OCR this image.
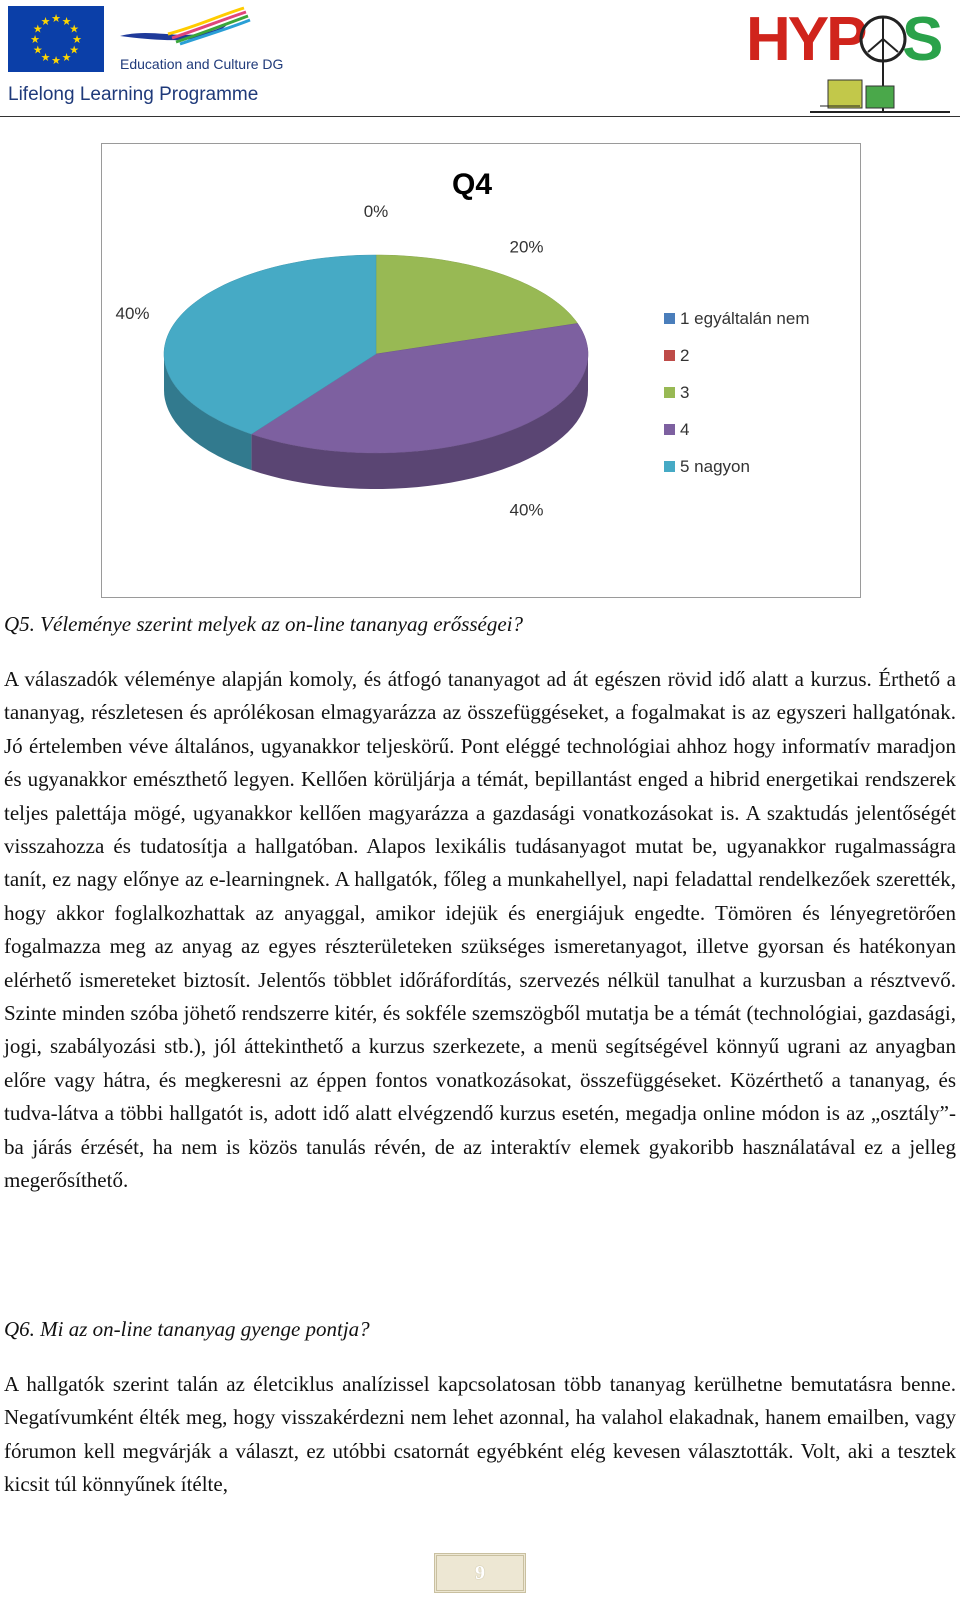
★
★
★
★
★
★
★
★
★ ★ ★
★
Education and Culture DG
Lifelong Learning Programme
HYP S
Q4
0%
20%
40%
40%	1 egyáltalán nem
2
3
4
5 nagyon
Q5. Véleménye szerint melyek az on-line tananyag erősségei?

A válaszadók véleménye alapján komoly, és átfogó tananyagot ad át egészen rövid idő alatt a kurzus. Érthető a tananyag, részletesen és aprólékosan elmagyarázza az összefüggéseket, a fogalmakat is az egyszeri hallgatónak. Jó értelemben véve általános, ugyanakkor teljeskörű. Pont eléggé technológiai ahhoz hogy informatív maradjon és ugyanakkor emészthető legyen. Kellően körüljárja a témát, bepillantást enged a hibrid energetikai rendszerek teljes palettája mögé, ugyanakkor kellően magyarázza a gazdasági vonatkozásokat is. A szaktudás jelentőségét visszahozza és tudatosítja a hallgatóban. Alapos lexikális tudásanyagot mutat be, ugyanakkor rugalmasságra tanít, ez nagy előnye az e-learningnek. A hallgatók, főleg a munkahellyel, napi feladattal rendelkezőek szerették, hogy akkor foglalkozhattak az anyaggal, amikor idejük és energiájuk engedte. Tömören és lényegretörően fogalmazza meg az anyag az egyes részterületeken szükséges ismeretanyagot, illetve gyorsan és hatékonyan elérhető ismereteket biztosít. Jelentős többlet időráfordítás, szervezés nélkül tanulhat a kurzusban a résztvevő. Szinte minden szóba jöhető rendszerre kitér, és sokféle szemszögből mutatja be a témát (technológiai, gazdasági, jogi, szabályozási stb.), jól áttekinthető a kurzus szerkezete, a menü segítségével könnyű ugrani az anyagban előre vagy hátra, és megkeresni az éppen fontos vonatkozásokat, összefüggéseket. Közérthető a tananyag, és tudva-látva a többi hallgatót is, adott idő alatt elvégzendő kurzus esetén, megadja online módon is az „osztály”-ba járás érzését, ha nem is közös tanulás révén, de az interaktív elemek gyakoribb használatával ez a jelleg megerősíthető.

Q6. Mi az on-line tananyag gyenge pontja?

A hallgatók szerint talán az életciklus analízissel kapcsolatosan több tananyag kerülhetne bemutatásra benne. Negatívumként élték meg, hogy visszakérdezni nem lehet azonnal, ha valahol elakadnak, hanem emailben, vagy fórumon kell megvárják a választ, ez utóbbi csatornát egyébként elég kevesen választották. Volt, aki a tesztek kicsit túl könnyűnek ítélte,

9
